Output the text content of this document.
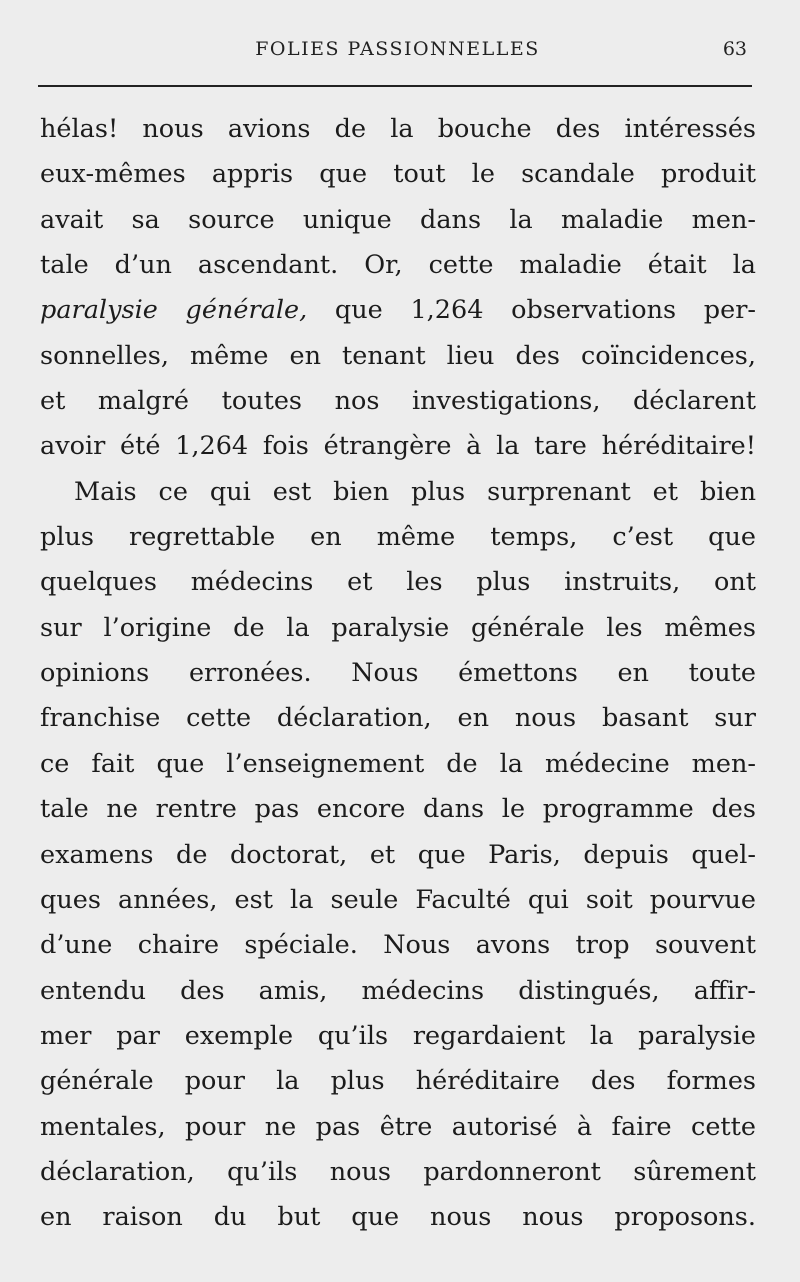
FOLIES PASSIONNELLES	63
hélas! nous avions de la bouche des intéressés
eux-mêmes appris que tout le scandale produit
avait sa source unique dans la maladie men-
tale d’un ascendant. Or, cette maladie était la
paralysie générale, que 1,264 observations per-
sonnelles, même en tenant lieu des coïncidences,
et malgré toutes nos investigations, déclarent
avoir été 1,264 fois étrangère à la tare héréditaire!
Mais ce qui est bien plus surprenant et bien
plus regrettable en même temps, c’est que
quelques médecins et les plus instruits, ont
sur l’origine de la paralysie générale les mêmes
opinions erronées. Nous émettons en toute
franchise cette déclaration, en nous basant sur
ce fait que l’enseignement de la médecine men-
tale ne rentre pas encore dans le programme des
examens de doctorat, et que Paris, depuis quel-
ques années, est la seule Faculté qui soit pourvue
d’une chaire spéciale. Nous avons trop souvent
entendu des amis, médecins distingués, affir-
mer par exemple qu’ils regardaient la paralysie
générale pour la plus héréditaire des formes
mentales, pour ne pas être autorisé à faire cette
déclaration, qu’ils nous pardonneront sûrement
en raison du but que nous nous proposons.
